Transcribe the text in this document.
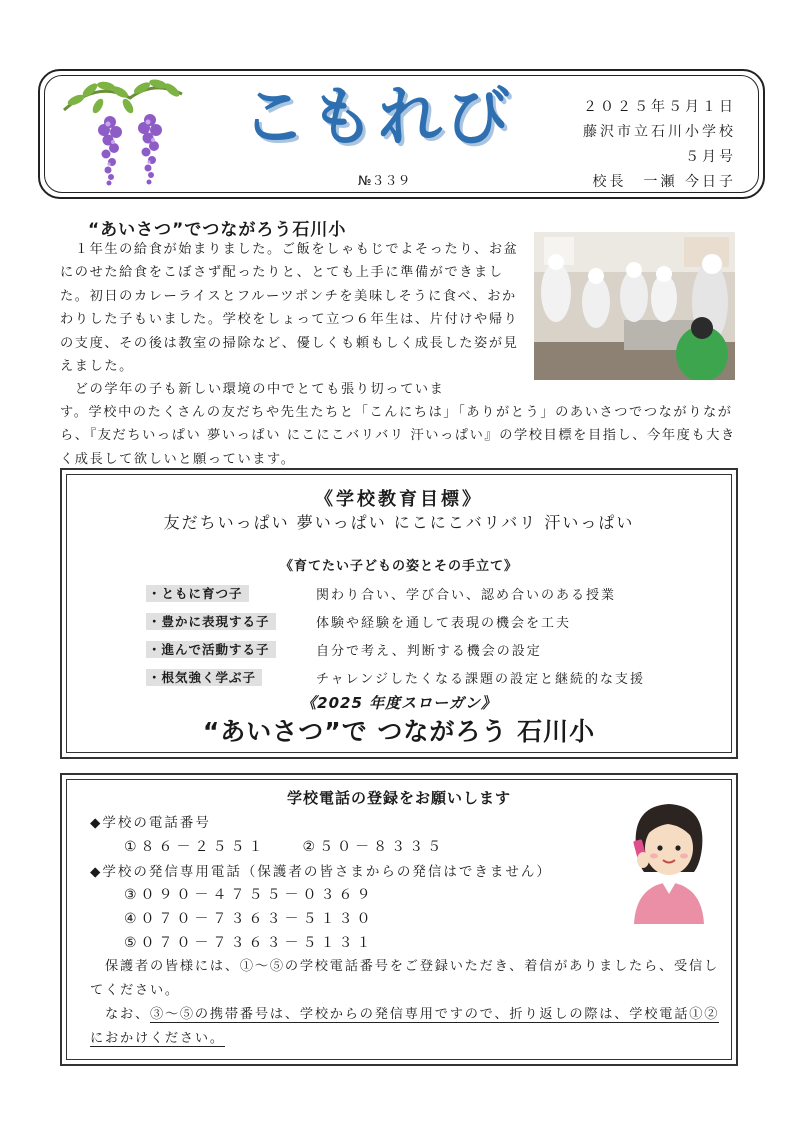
こもれび
№３３９
２０２５年５月１日
藤沢市立石川小学校
５月号
校長　一瀬 今日子
“あいさつ”でつながろう石川小
　１年生の給食が始まりました。ご飯をしゃもじでよそったり、お盆にのせた給食をこぼさず配ったりと、とても上手に準備ができました。初日のカレーライスとフルーツポンチを美味しそうに食べ、おかわりした子もいました。学校をしょって立つ６年生は、片付けや帰りの支度、その後は教室の掃除など、優しくも頼もしく成長した姿が見えました。
　どの学年の子も新しい環境の中でとても張り切っていま
す。学校中のたくさんの友だちや先生たちと「こんにちは」「ありがとう」のあいさつでつながりながら、『友だちいっぱい 夢いっぱい にこにこバリバリ 汗いっぱい』の学校目標を目指し、今年度も大きく成長して欲しいと願っています。
《学校教育目標》
友だちいっぱい 夢いっぱい にこにこバリバリ 汗いっぱい
《育てたい子どもの姿とその手立て》
・ともに育つ子	関わり合い、学び合い、認め合いのある授業
・豊かに表現する子	体験や経験を通して表現の機会を工夫
・進んで活動する子	自分で考え、判断する機会の設定
・根気強く学ぶ子	チャレンジしたくなる課題の設定と継続的な支援
《2025 年度スローガン》
“あいさつ”で つながろう 石川小
学校電話の登録をお願いします
◆学校の電話番号
①８６－２５５１　　②５０－８３３５
◆学校の発信専用電話（保護者の皆さまからの発信はできません）
③０９０－４７５５－０３６９
④０７０－７３６３－５１３０
⑤０７０－７３６３－５１３１
　保護者の皆様には、①～⑤の学校電話番号をご登録いただき、着信がありましたら、受信してください。
　なお、③～⑤の携帯番号は、学校からの発信専用ですので、折り返しの際は、学校電話①②におかけください。
